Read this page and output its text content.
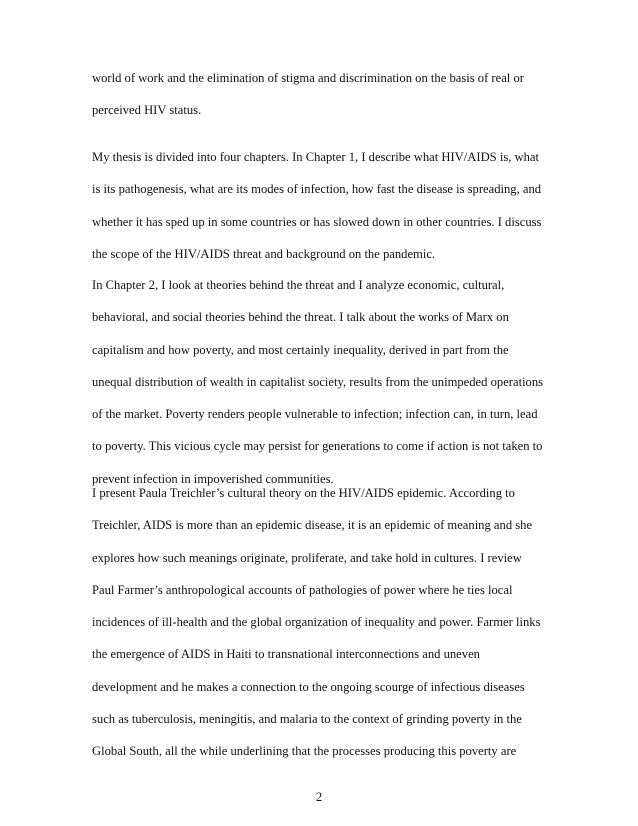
world of work and the elimination of stigma and discrimination on the basis of real or
perceived HIV status.
My thesis is divided into four chapters. In Chapter 1, I describe what HIV/AIDS is, what
is its pathogenesis, what are its modes of infection, how fast the disease is spreading, and
whether it has sped up in some countries or has slowed down in other countries. I discuss
the scope of the HIV/AIDS threat and background on the pandemic.
In Chapter 2, I look at theories behind the threat and I analyze economic, cultural,
behavioral, and social theories behind the threat. I talk about the works of Marx on
capitalism and how poverty, and most certainly inequality, derived in part from the
unequal distribution of wealth in capitalist society, results from the unimpeded operations
of the market. Poverty renders people vulnerable to infection; infection can, in turn, lead
to poverty. This vicious cycle may persist for generations to come if action is not taken to
prevent infection in impoverished communities.
I present Paula Treichler’s cultural theory on the HIV/AIDS epidemic. According to
Treichler, AIDS is more than an epidemic disease, it is an epidemic of meaning and she
explores how such meanings originate, proliferate, and take hold in cultures. I review
Paul Farmer’s anthropological accounts of pathologies of power where he ties local
incidences of ill-health and the global organization of inequality and power. Farmer links
the emergence of AIDS in Haiti to transnational interconnections and uneven
development and he makes a connection to the ongoing scourge of infectious diseases
such as tuberculosis, meningitis, and malaria to the context of grinding poverty in the
Global South, all the while underlining that the processes producing this poverty are
2
